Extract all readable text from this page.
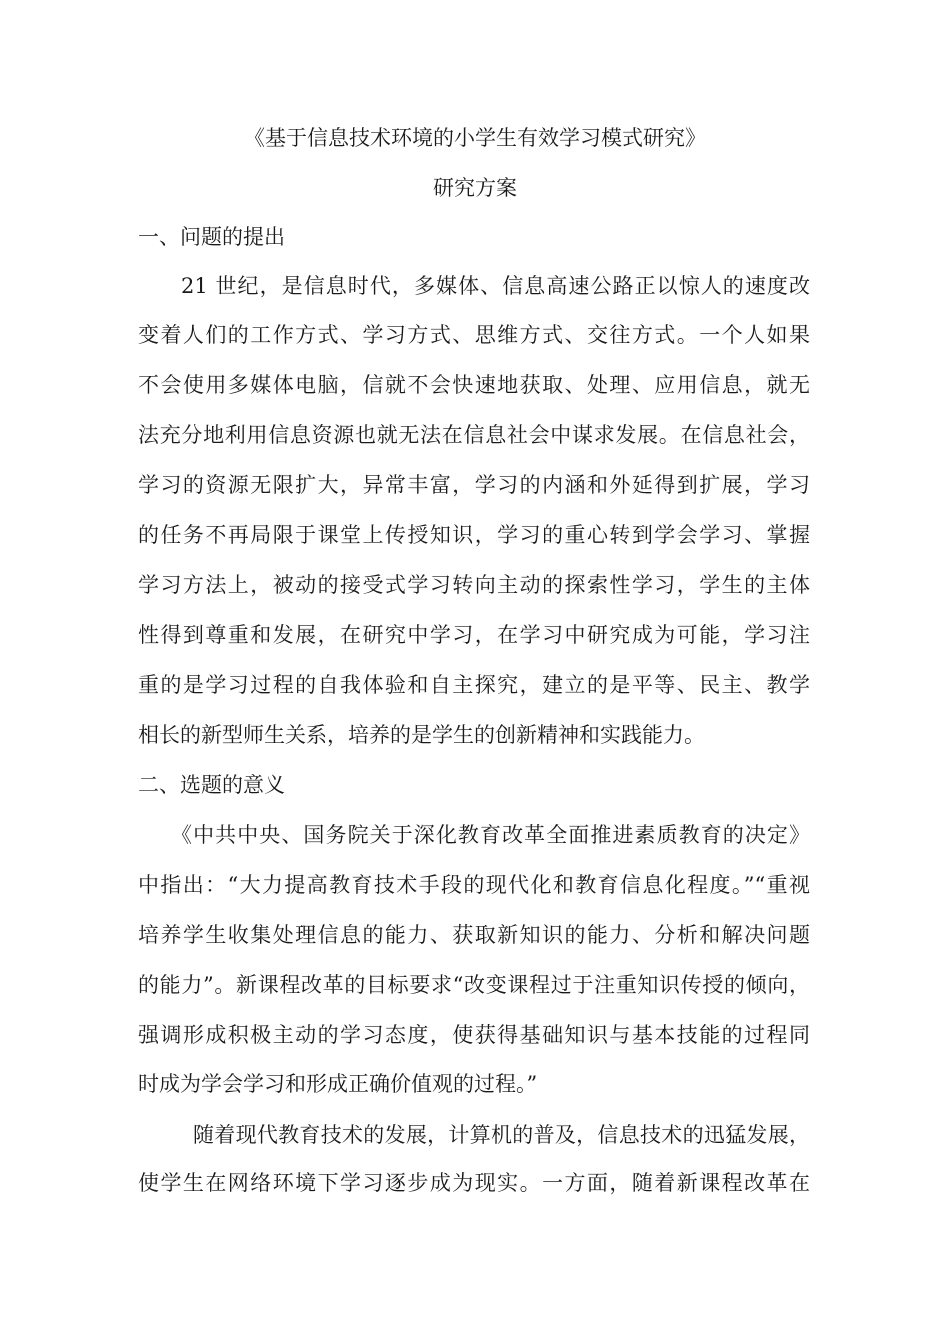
《基于信息技术环境的小学生有效学习模式研究》
研究方案
一、问题的提出
21 世纪，是信息时代，多媒体、信息高速公路正以惊人的速度改
变着人们的工作方式、学习方式、思维方式、交往方式。一个人如果
不会使用多媒体电脑，信就不会快速地获取、处理、应用信息，就无
法充分地利用信息资源也就无法在信息社会中谋求发展。在信息社会，
学习的资源无限扩大，异常丰富，学习的内涵和外延得到扩展，学习
的任务不再局限于课堂上传授知识，学习的重心转到学会学习、掌握
学习方法上，被动的接受式学习转向主动的探索性学习，学生的主体
性得到尊重和发展，在研究中学习，在学习中研究成为可能，学习注
重的是学习过程的自我体验和自主探究，建立的是平等、民主、教学
相长的新型师生关系，培养的是学生的创新精神和实践能力。
二、选题的意义
《中共中央、国务院关于深化教育改革全面推进素质教育的决定》
中指出：“大力提高教育技术手段的现代化和教育信息化程度。”“重视
培养学生收集处理信息的能力、获取新知识的能力、分析和解决问题
的能力”。新课程改革的目标要求“改变课程过于注重知识传授的倾向，
强调形成积极主动的学习态度，使获得基础知识与基本技能的过程同
时成为学会学习和形成正确价值观的过程。”
随着现代教育技术的发展，计算机的普及，信息技术的迅猛发展，
使学生在网络环境下学习逐步成为现实。一方面，随着新课程改革在
